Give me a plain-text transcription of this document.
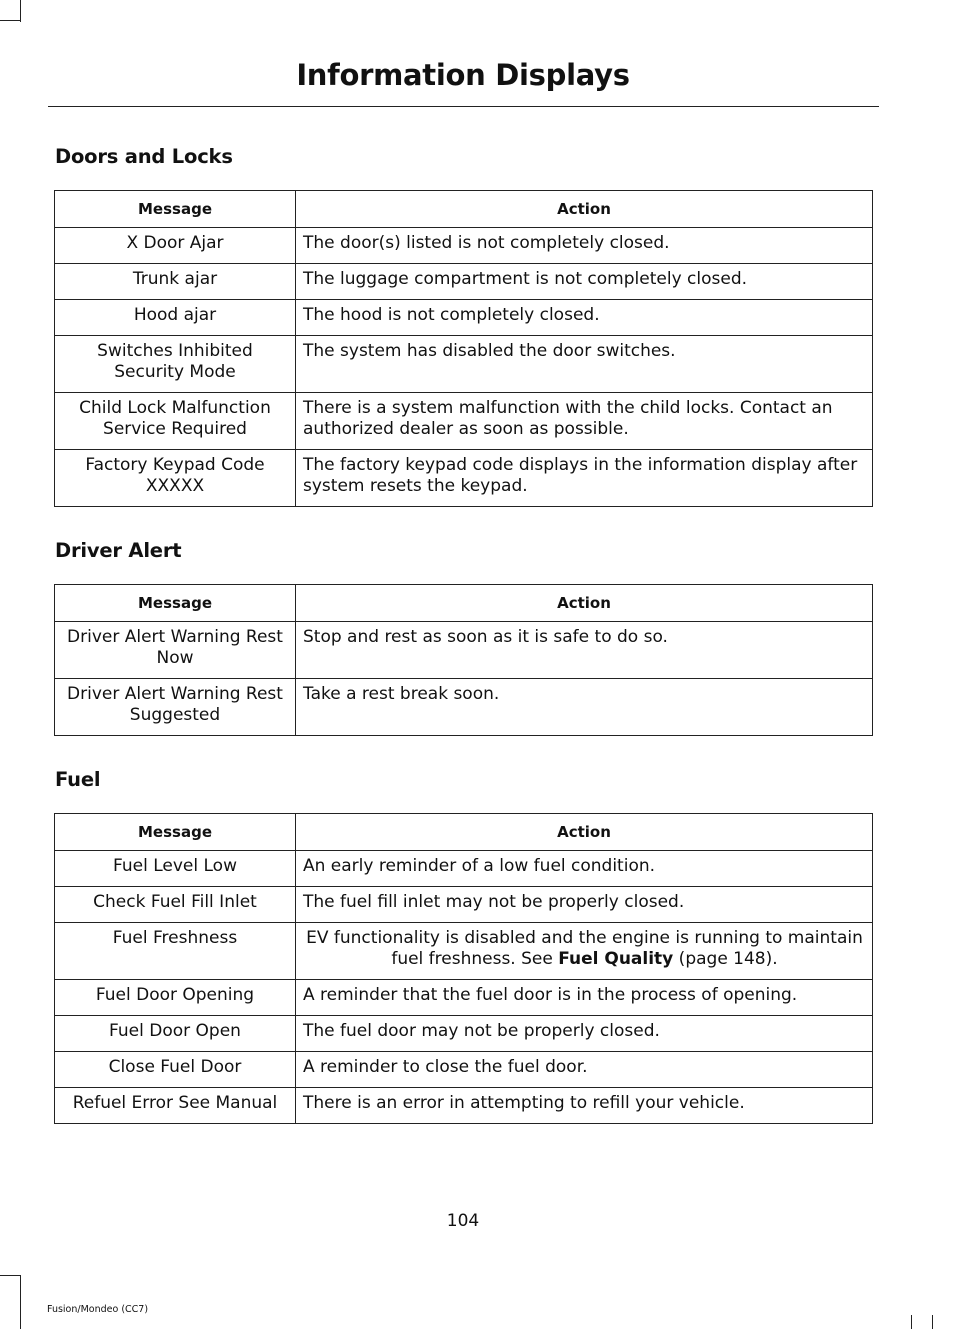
Information Displays
Doors and Locks
Message	Action
X Door Ajar	The door(s) listed is not completely closed.
Trunk ajar	The luggage compartment is not completely closed.
Hood ajar	The hood is not completely closed.
Switches Inhibited Security Mode	The system has disabled the door switches.
Child Lock Malfunction Service Required	There is a system malfunction with the child locks. Contact an authorized dealer as soon as possible.
Factory Keypad Code XXXXX	The factory keypad code displays in the information display after system resets the keypad.
Driver Alert
Message	Action
Driver Alert Warning Rest Now	Stop and rest as soon as it is safe to do so.
Driver Alert Warning Rest Suggested	Take a rest break soon.
Fuel
Message	Action
Fuel Level Low	An early reminder of a low fuel condition.
Check Fuel Fill Inlet	The fuel fill inlet may not be properly closed.
Fuel Freshness	EV functionality is disabled and the engine is running to maintain fuel freshness. See Fuel Quality (page 148).
Fuel Door Opening	A reminder that the fuel door is in the process of opening.
Fuel Door Open	The fuel door may not be properly closed.
Close Fuel Door	A reminder to close the fuel door.
Refuel Error See Manual	There is an error in attempting to refill your vehicle.
104
Fusion/Mondeo (CC7)
